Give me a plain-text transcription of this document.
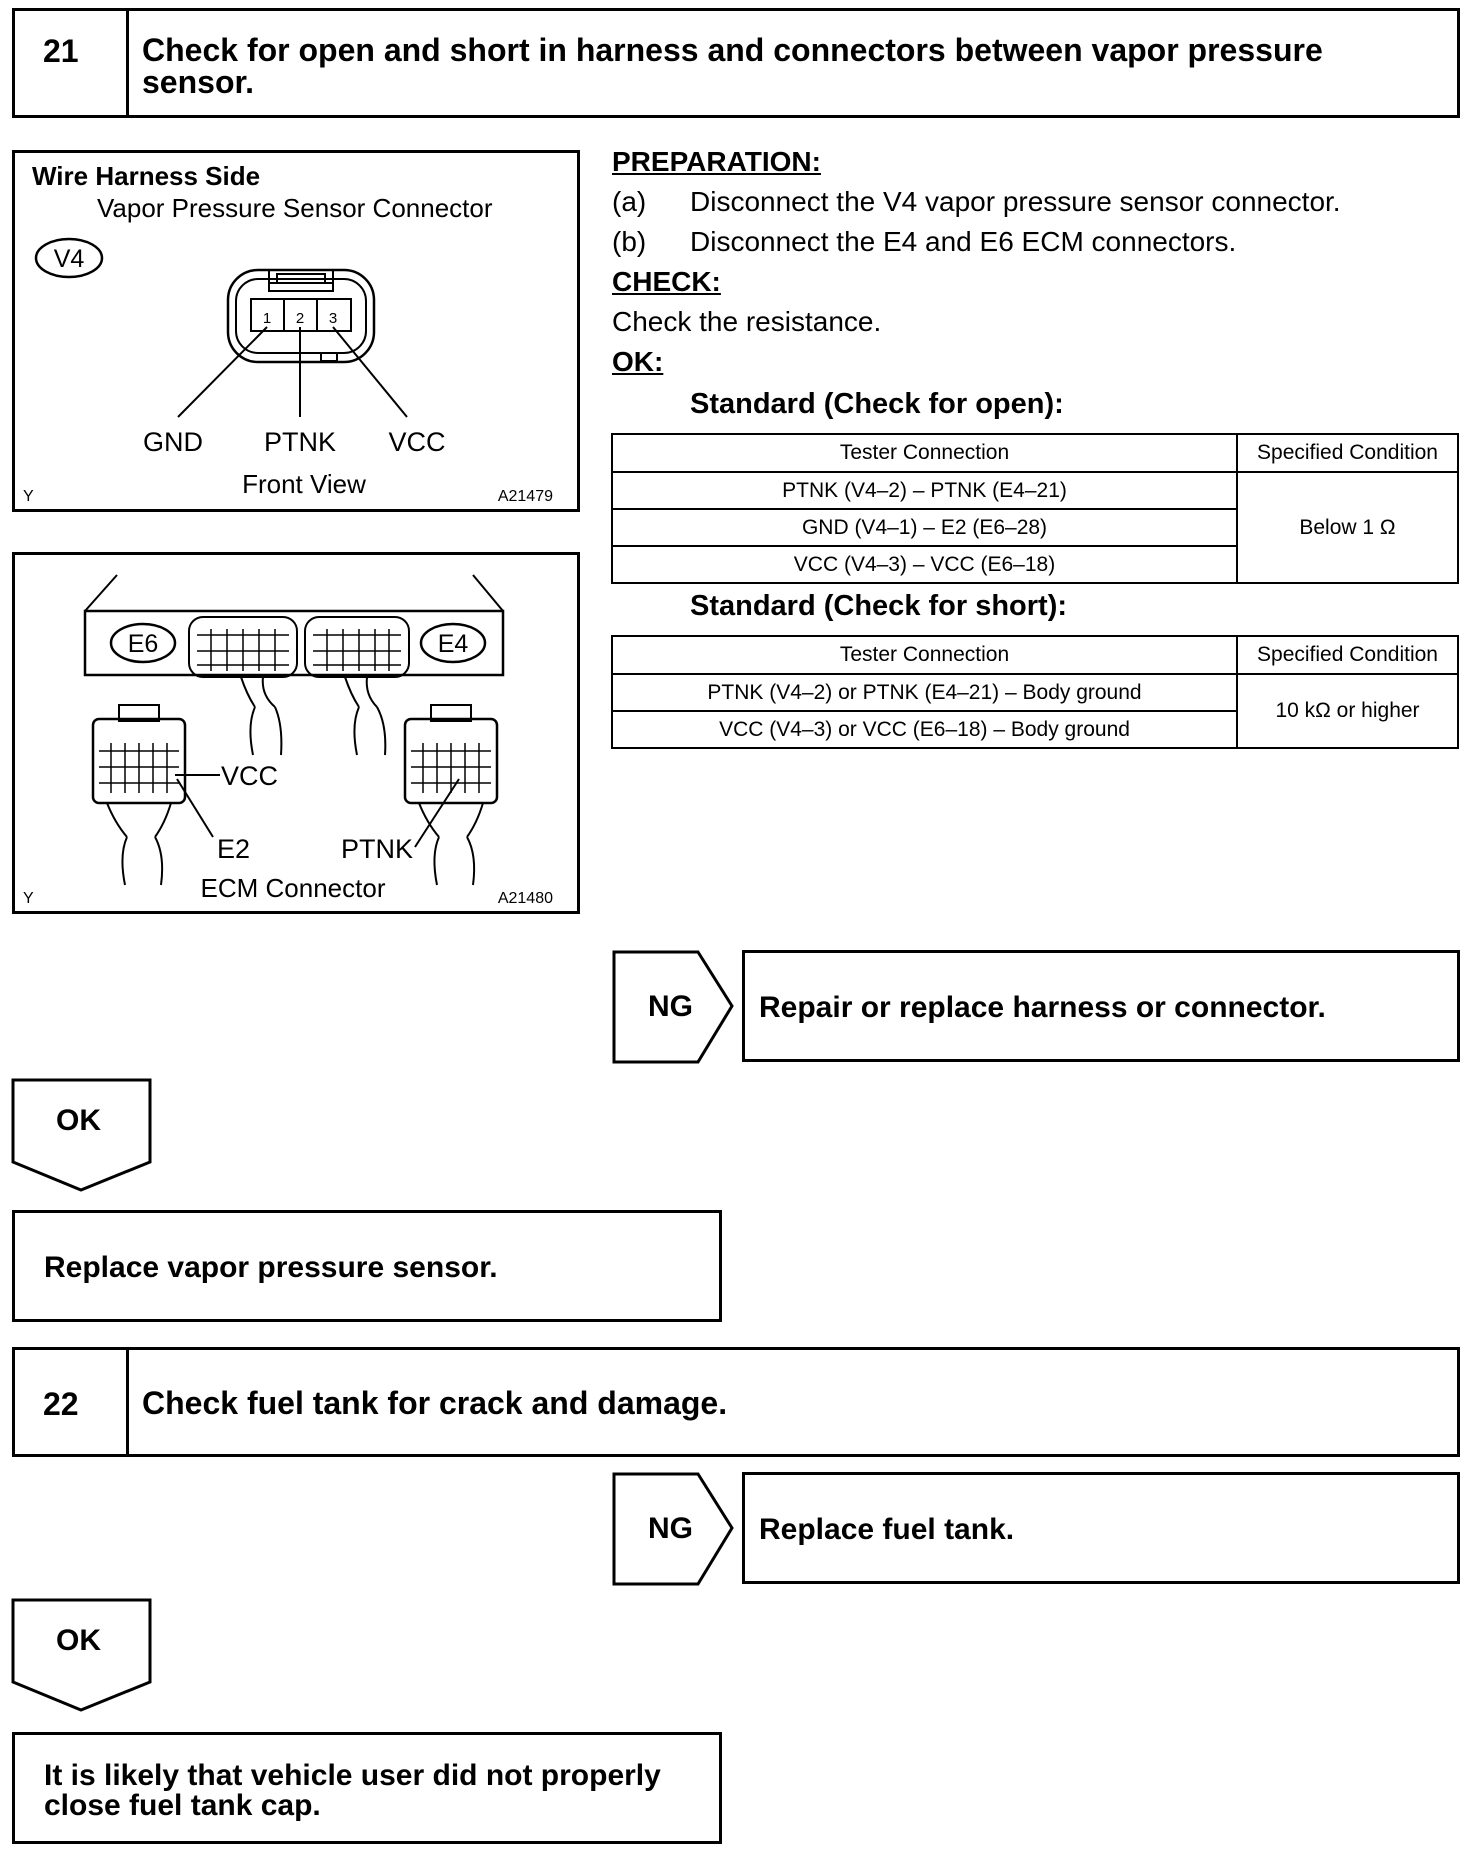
21 Check for open and short in harness and connectors between vapor pressure
sensor.
Wire Harness Side
Vapor Pressure Sensor Connector
V4
1 2 3
GND PTNK VCC
Front View
Y	A21479
E6	E4
VCC
E2	PTNK
ECM Connector
Y	A21480
PREPARATION:
(a) Disconnect the V4 vapor pressure sensor connector.
(b) Disconnect the E4 and E6 ECM connectors.
CHECK:
Check the resistance.
OK:
Standard (Check for open):
Tester Connection	Specified Condition
PTNK (V4–2) – PTNK (E4–21)	Below 1 Ω
GND (V4–1) – E2 (E6–28)	
VCC (V4–3) – VCC (E6–18)	
Standard (Check for short):
Tester Connection	Specified Condition
PTNK (V4–2) or PTNK (E4–21) – Body ground	10 kΩ or higher
VCC (V4–3) or VCC (E6–18) – Body ground	
NG Repair or replace harness or connector.
OK
Replace vapor pressure sensor.
22 Check fuel tank for crack and damage.
NG Replace fuel tank.
OK
It is likely that vehicle user did not properly
close fuel tank cap.
